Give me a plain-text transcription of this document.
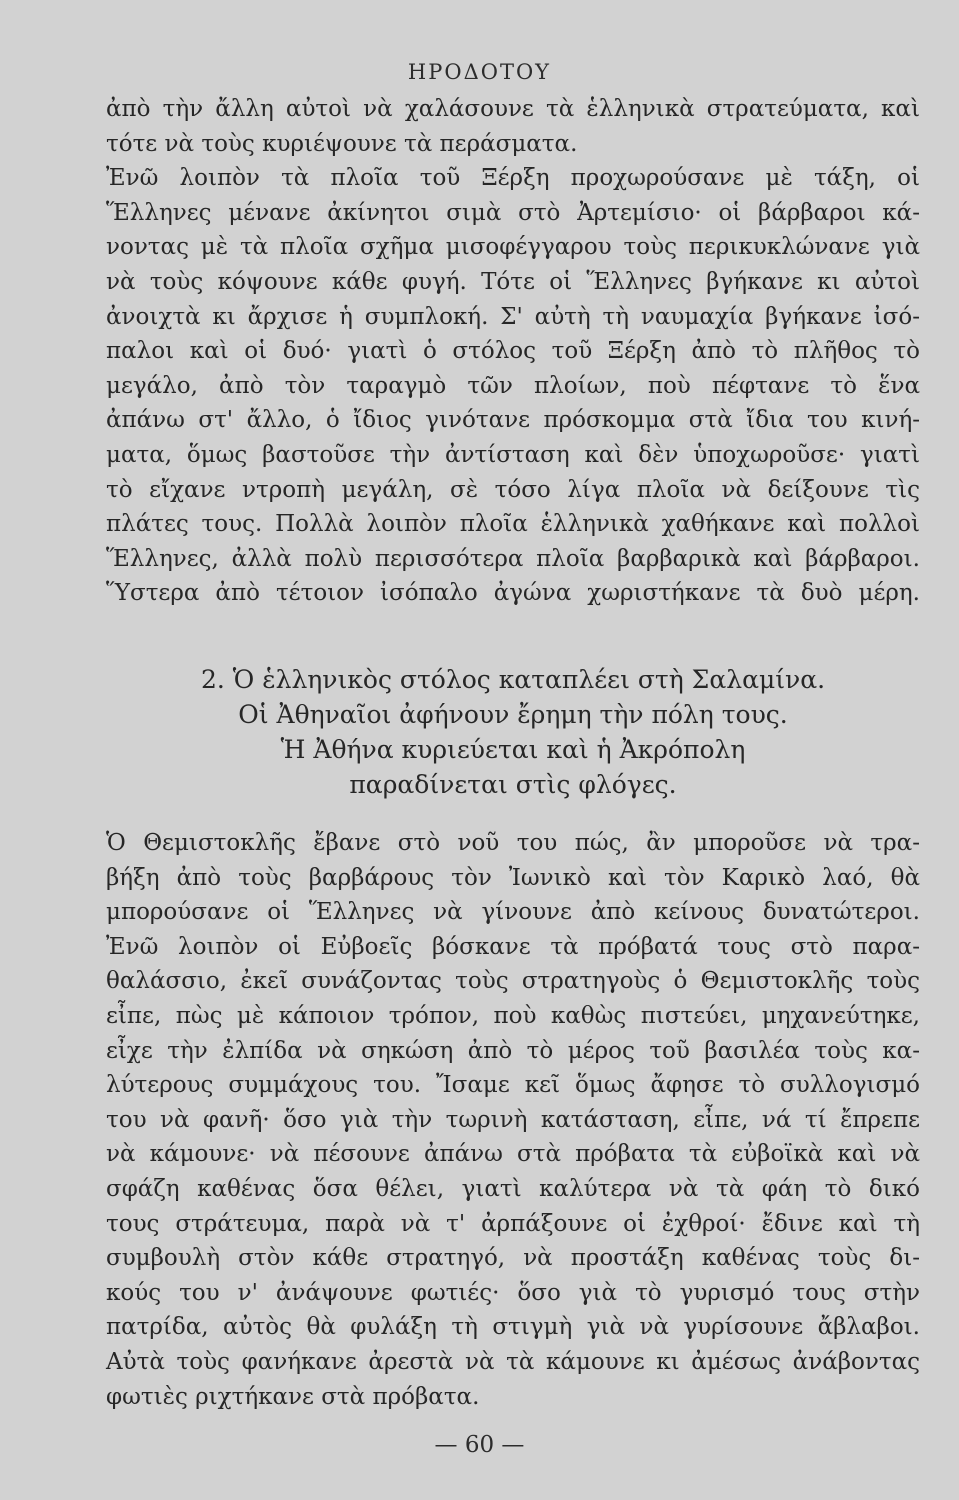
ΗΡΟΔΟΤΟΥ
ἀπὸ τὴν ἄλλη αὐτοὶ νὰ χαλάσουνε τὰ ἑλληνικὰ στρατεύματα, καὶ
τότε νὰ τοὺς κυριέψουνε τὰ περάσματα.
Ἐνῶ λοιπὸν τὰ πλοῖα τοῦ Ξέρξη προχωρούσανε μὲ τάξη, οἱ
Ἕλληνες μένανε ἀκίνητοι σιμὰ στὸ Ἀρτεμίσιο· οἱ βάρβαροι κά-
νοντας μὲ τὰ πλοῖα σχῆμα μισοφέγγαρου τοὺς περικυκλώνανε γιὰ
νὰ τοὺς κόψουνε κάθε φυγή. Τότε οἱ Ἕλληνες βγήκανε κι αὐτοὶ
ἀνοιχτὰ κι ἄρχισε ἡ συμπλοκή. Σ' αὐτὴ τὴ ναυμαχία βγήκανε ἰσό-
παλοι καὶ οἱ δυό· γιατὶ ὁ στόλος τοῦ Ξέρξη ἀπὸ τὸ πλῆθος τὸ
μεγάλο, ἀπὸ τὸν ταραγμὸ τῶν πλοίων, ποὺ πέφτανε τὸ ἕνα
ἀπάνω στ' ἄλλο, ὁ ἴδιος γινότανε πρόσκομμα στὰ ἴδια του κινή-
ματα, ὅμως βαστοῦσε τὴν ἀντίσταση καὶ δὲν ὑποχωροῦσε· γιατὶ
τὸ εἴχανε ντροπὴ μεγάλη, σὲ τόσο λίγα πλοῖα νὰ δείξουνε τὶς
πλάτες τους. Πολλὰ λοιπὸν πλοῖα ἑλληνικὰ χαθήκανε καὶ πολλοὶ
Ἕλληνες, ἀλλὰ πολὺ περισσότερα πλοῖα βαρβαρικὰ καὶ βάρβαροι.
Ὕστερα ἀπὸ τέτοιον ἰσόπαλο ἀγώνα χωριστήκανε τὰ δυὸ μέρη.
2. Ὁ ἑλληνικὸς στόλος καταπλέει στὴ Σαλαμίνα.
Οἱ Ἀθηναῖοι ἀφήνουν ἔρημη τὴν πόλη τους.
Ἡ Ἀθήνα κυριεύεται καὶ ἡ Ἀκρόπολη
παραδίνεται στὶς φλόγες.
Ὁ Θεμιστοκλῆς ἔβανε στὸ νοῦ του πώς, ἂν μποροῦσε νὰ τρα-
βήξη ἀπὸ τοὺς βαρβάρους τὸν Ἰωνικὸ καὶ τὸν Καρικὸ λαό, θὰ
μπορούσανε οἱ Ἕλληνες νὰ γίνουνε ἀπὸ κείνους δυνατώτεροι.
Ἐνῶ λοιπὸν οἱ Εὐβοεῖς βόσκανε τὰ πρόβατά τους στὸ παρα-
θαλάσσιο, ἐκεῖ συνάζοντας τοὺς στρατηγοὺς ὁ Θεμιστοκλῆς τοὺς
εἶπε, πὼς μὲ κάποιον τρόπον, ποὺ καθὼς πιστεύει, μηχανεύτηκε,
εἶχε τὴν ἐλπίδα νὰ σηκώση ἀπὸ τὸ μέρος τοῦ βασιλέα τοὺς κα-
λύτερους συμμάχους του. Ἴσαμε κεῖ ὅμως ἄφησε τὸ συλλογισμό
του νὰ φανῆ· ὅσο γιὰ τὴν τωρινὴ κατάσταση, εἶπε, νά τί ἔπρεπε
νὰ κάμουνε· νὰ πέσουνε ἀπάνω στὰ πρόβατα τὰ εὐβοϊκὰ καὶ νὰ
σφάζη καθένας ὅσα θέλει, γιατὶ καλύτερα νὰ τὰ φάη τὸ δικό
τους στράτευμα, παρὰ νὰ τ' ἀρπάξουνε οἱ ἐχθροί· ἔδινε καὶ τὴ
συμβουλὴ στὸν κάθε στρατηγό, νὰ προστάξη καθένας τοὺς δι-
κούς του ν' ἀνάψουνε φωτιές· ὅσο γιὰ τὸ γυρισμό τους στὴν
πατρίδα, αὐτὸς θὰ φυλάξη τὴ στιγμὴ γιὰ νὰ γυρίσουνε ἄβλαβοι.
Αὐτὰ τοὺς φανήκανε ἀρεστὰ νὰ τὰ κάμουνε κι ἀμέσως ἀνάβοντας
φωτιὲς ριχτήκανε στὰ πρόβατα.
— 60 —
